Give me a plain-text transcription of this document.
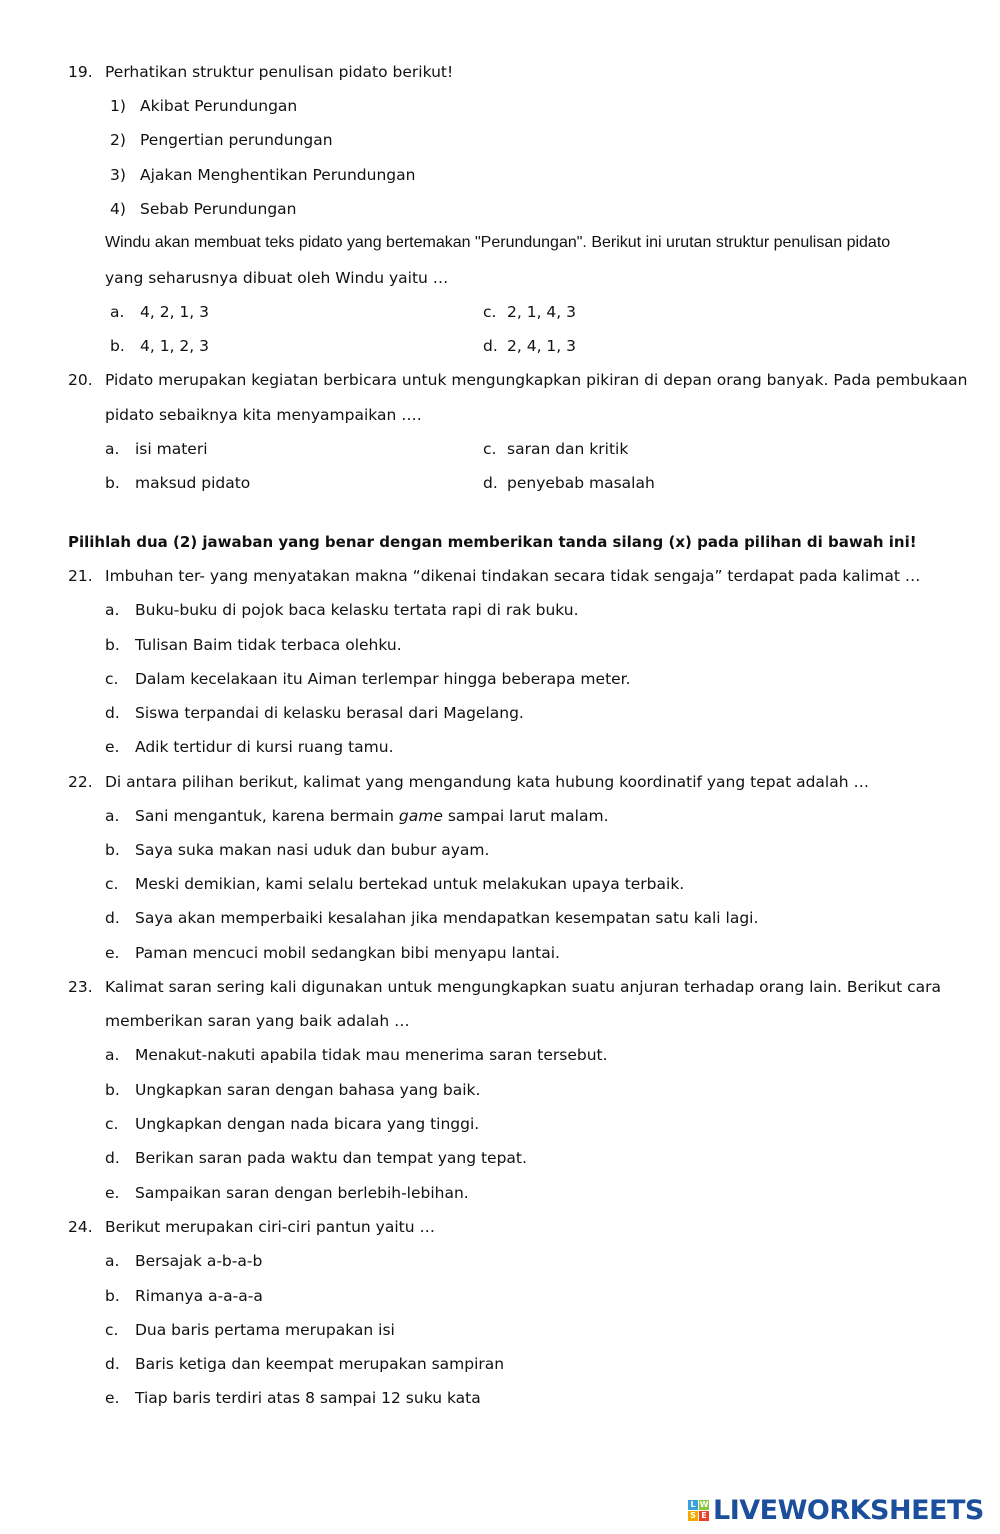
19. Perhatikan struktur penulisan pidato berikut!
1) Akibat Perundungan
2) Pengertian perundungan
3) Ajakan Menghentikan Perundungan
4) Sebab Perundungan
Windu akan membuat teks pidato yang bertemakan "Perundungan". Berikut ini urutan struktur penulisan pidato
yang seharusnya dibuat oleh Windu yaitu …
a. 4, 2, 1, 3	c. 2, 1, 4, 3
b. 4, 1, 2, 3	d. 2, 4, 1, 3
20. Pidato merupakan kegiatan berbicara untuk mengungkapkan pikiran di depan orang banyak. Pada pembukaan
pidato sebaiknya kita menyampaikan ….
a. isi materi	c. saran dan kritik
b. maksud pidato	d. penyebab masalah
Pilihlah dua (2) jawaban yang benar dengan memberikan tanda silang (x) pada pilihan di bawah ini!
21. Imbuhan ter- yang menyatakan makna “dikenai tindakan secara tidak sengaja” terdapat pada kalimat …
a. Buku-buku di pojok baca kelasku tertata rapi di rak buku.
b. Tulisan Baim tidak terbaca olehku.
c. Dalam kecelakaan itu Aiman terlempar hingga beberapa meter.
d. Siswa terpandai di kelasku berasal dari Magelang.
e. Adik tertidur di kursi ruang tamu.
22. Di antara pilihan berikut, kalimat yang mengandung kata hubung koordinatif yang tepat adalah …
a. Sani mengantuk, karena bermain game sampai larut malam.
b. Saya suka makan nasi uduk dan bubur ayam.
c. Meski demikian, kami selalu bertekad untuk melakukan upaya terbaik.
d. Saya akan memperbaiki kesalahan jika mendapatkan kesempatan satu kali lagi.
e. Paman mencuci mobil sedangkan bibi menyapu lantai.
23. Kalimat saran sering kali digunakan untuk mengungkapkan suatu anjuran terhadap orang lain. Berikut cara
memberikan saran yang baik adalah …
a. Menakut-nakuti apabila tidak mau menerima saran tersebut.
b. Ungkapkan saran dengan bahasa yang baik.
c. Ungkapkan dengan nada bicara yang tinggi.
d. Berikan saran pada waktu dan tempat yang tepat.
e. Sampaikan saran dengan berlebih-lebihan.
24. Berikut merupakan ciri-ciri pantun yaitu …
a. Bersajak a-b-a-b
b. Rimanya a-a-a-a
c. Dua baris pertama merupakan isi
d. Baris ketiga dan keempat merupakan sampiran
e. Tiap baris terdiri atas 8 sampai 12 suku kata
L W
S E LIVEWORKSHEETS
